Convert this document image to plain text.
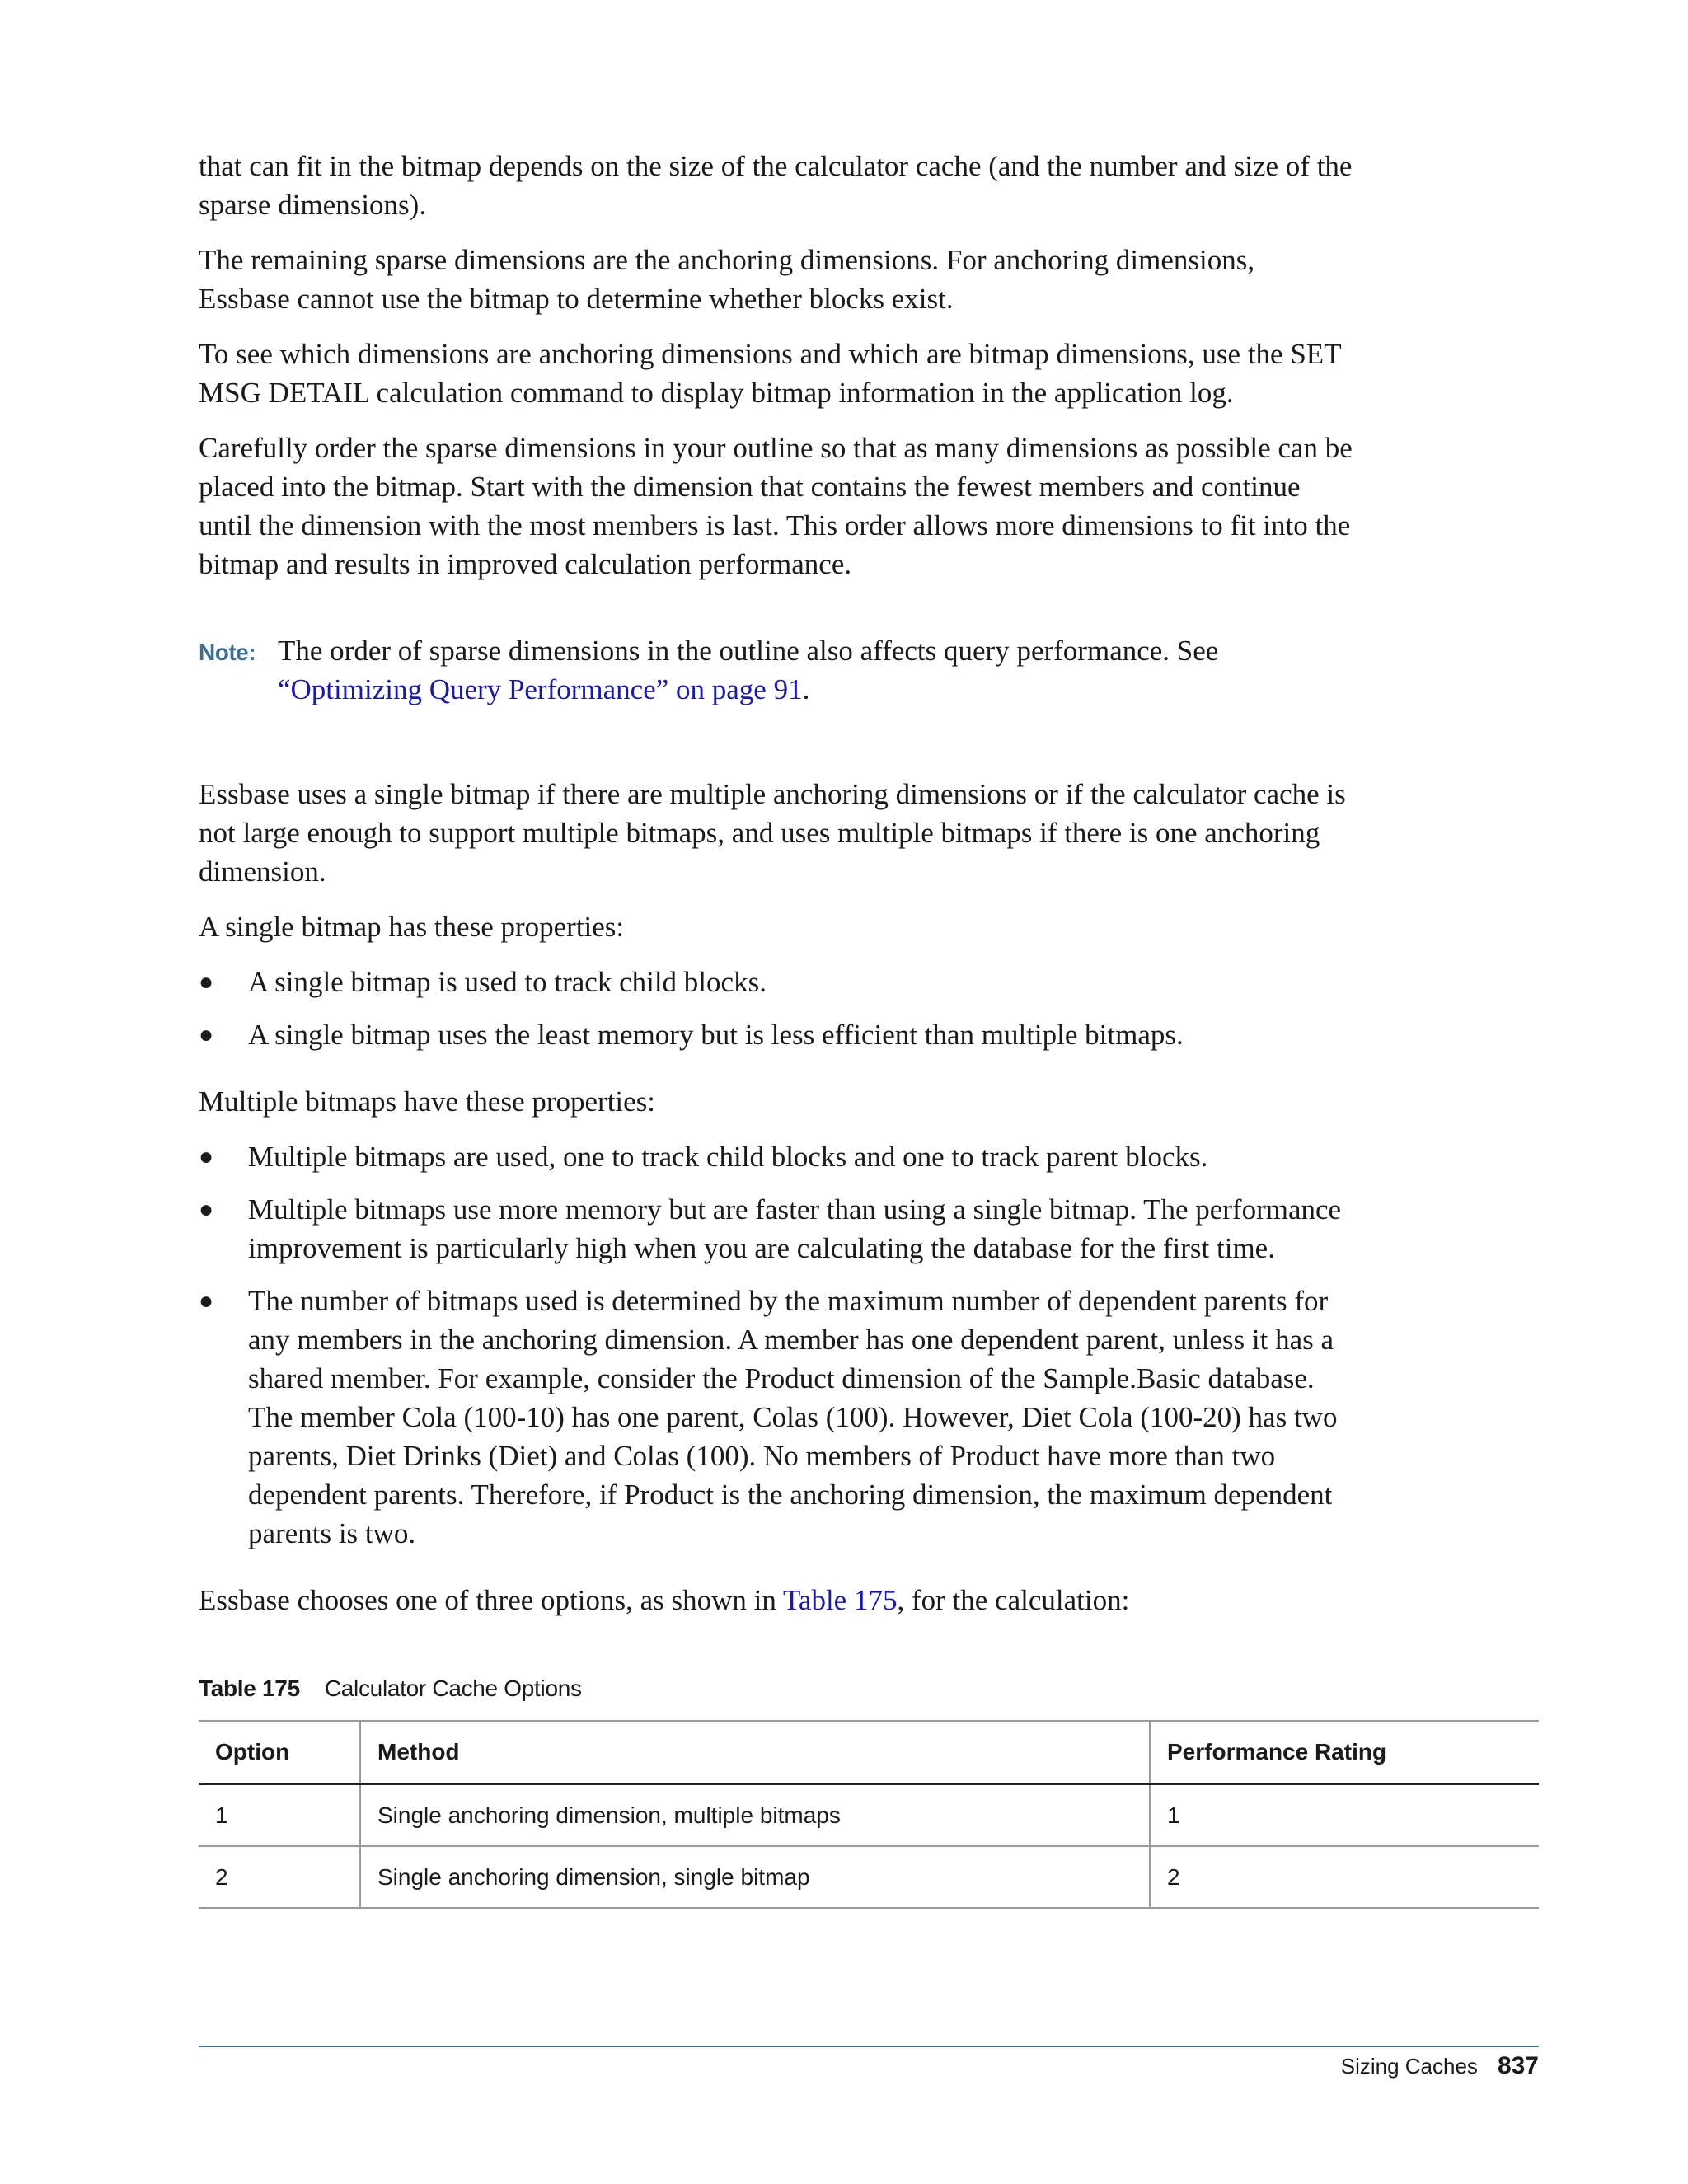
that can fit in the bitmap depends on the size of the calculator cache (and the number and size of the sparse dimensions).

The remaining sparse dimensions are the anchoring dimensions. For anchoring dimensions, Essbase cannot use the bitmap to determine whether blocks exist.

To see which dimensions are anchoring dimensions and which are bitmap dimensions, use the SET MSG DETAIL calculation command to display bitmap information in the application log.

Carefully order the sparse dimensions in your outline so that as many dimensions as possible can be placed into the bitmap. Start with the dimension that contains the fewest members and continue until the dimension with the most members is last. This order allows more dimensions to fit into the bitmap and results in improved calculation performance.

Note: The order of sparse dimensions in the outline also affects query performance. See
“Optimizing Query Performance” on page 91.

Essbase uses a single bitmap if there are multiple anchoring dimensions or if the calculator cache is not large enough to support multiple bitmaps, and uses multiple bitmaps if there is one anchoring dimension.

A single bitmap has these properties:

● A single bitmap is used to track child blocks.
● A single bitmap uses the least memory but is less efficient than multiple bitmaps.

Multiple bitmaps have these properties:

● Multiple bitmaps are used, one to track child blocks and one to track parent blocks.
● Multiple bitmaps use more memory but are faster than using a single bitmap. The performance improvement is particularly high when you are calculating the database for the first time.
● The number of bitmaps used is determined by the maximum number of dependent parents for any members in the anchoring dimension. A member has one dependent parent, unless it has a shared member. For example, consider the Product dimension of the Sample.Basic database. The member Cola (100-10) has one parent, Colas (100). However, Diet Cola (100-20) has two parents, Diet Drinks (Diet) and Colas (100). No members of Product have more than two dependent parents. Therefore, if Product is the anchoring dimension, the maximum dependent parents is two.

Essbase chooses one of three options, as shown in Table 175, for the calculation:

Table 175 Calculator Cache Options
Option	Method	Performance Rating
1	Single anchoring dimension, multiple bitmaps	1
2	Single anchoring dimension, single bitmap	2
Sizing Caches 837
